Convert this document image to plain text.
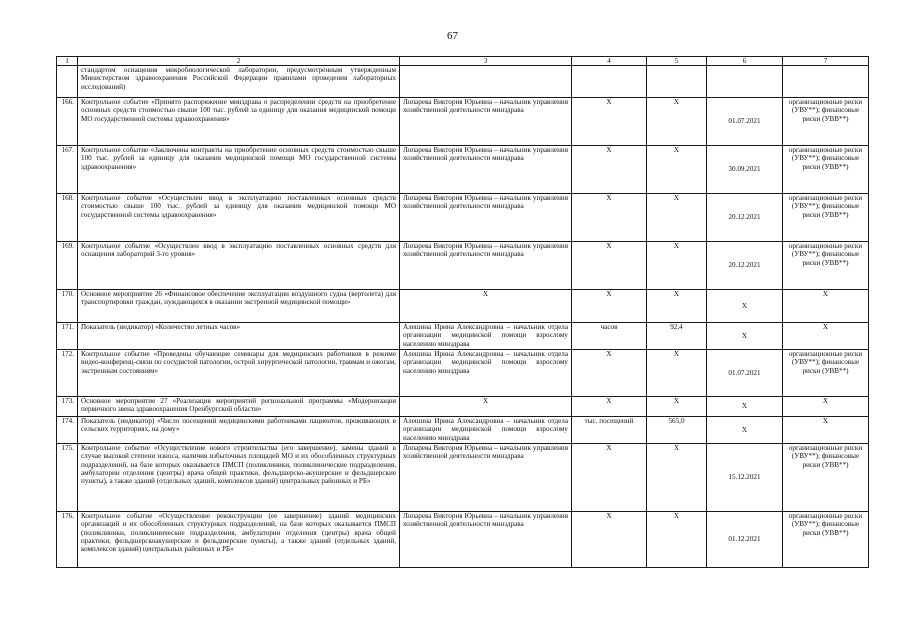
67
1	2	3	4	5	6	7
	стандартом оснащения микробиологической лаборатории, предусмотренным утвержденным Министерством здравоохранения Российской Федерации правилами проведения лабораторных исследований)					
166.	Контрольное событие «Принято распоряжение минздрава о распределении средств на приобретение основных средств стоимостью свыше 100 тыс. рублей за единицу для оказания медицинской помощи МО государственной системы здравоохранения»	Лопарева Виктория Юрьевна – начальник управления хозяйственной деятельности минздрава	Х	Х	01.07.2021	организационные риски (УВУ**); финансовые риски (УВВ**)
167.	Контрольное событие «Заключены контракты на приобретение основных средств стоимостью свыше 100 тыс. рублей за единицу для оказания медицинской помощи МО государственной системы здравоохранения»	Лопарева Виктория Юрьевна – начальник управления хозяйственной деятельности минздрава	Х	Х	30.09.2021	организационные риски (УВУ**); финансовые риски (УВВ**)
168.	Контрольное событие «Осуществлен ввод в эксплуатацию поставленных основных средств стоимостью свыше 100 тыс. рублей за единицу для оказания медицинской помощи МО государственной системы здравоохранения»	Лопарева Виктория Юрьевна – начальник управления хозяйственной деятельности минздрава	Х	Х	20.12.2021	организационные риски (УВУ**); финансовые риски (УВВ**)
169.	Контрольное событие «Осуществлен ввод в эксплуатацию поставленных основных средств для оснащения лабораторий 3-го уровня»	Лопарева Виктория Юрьевна – начальник управления хозяйственной деятельности минздрава	Х	Х	20.12.2021	организационные риски (УВУ**); финансовые риски (УВВ**)
170.	Основное мероприятие 26 «Финансовое обеспечение эксплуатации воздушного судна (вертолета) для транспортировки граждан, нуждающихся в оказании экстренной медицинской помощи»	Х	Х	Х	Х	Х
171.	Показатель (индикатор) «Количество летных часов»	Алешина Ирина Александровна – начальник отдела организации медицинской помощи взрослому населению минздрава	часов	92,4	Х	Х
172.	Контрольное событие «Проведены обучающие семинары для медицинских работников в режиме видео-конференц-связи по сосудистой патологии, острой хирургической патологии, травмам и ожогам, экстренным состояниям»	Алешина Ирина Александровна – начальник отдела организации медицинской помощи взрослому населению минздрава	Х	Х	01.07.2021	организационные риски (УВУ**); финансовые риски (УВВ**)
173.	Основное мероприятие 27 «Реализация мероприятий региональной программы «Модернизация первичного звена здравоохранения Оренбургской области»	Х	Х	Х	Х	Х
174.	Показатель (индикатор) «Число посещений медицинскими работниками пациентов, проживающих в сельских территориях, на дому»	Алешина Ирина Александровна – начальник отдела организации медицинской помощи взрослому населению минздрава	тыс. посещений	565,0	Х	Х
175.	Контрольное событие «Осуществление нового строительства (его завершение), замены зданий в случае высокой степени износа, наличия избыточных площадей МО и их обособленных структурных подразделений, на базе которых оказывается ПМСП (поликлиники, поликлинические подразделения, амбулатории отделения (центры) врача общей практики, фельдшерско-акушерские и фельдшерские пункты), а также зданий (отдельных зданий, комплексов зданий) центральных районных и РБ»	Лопарева Виктория Юрьевна – начальник управления хозяйственной деятельности минздрава	Х	Х	15.12.2021	организационные риски (УВУ**); финансовые риски (УВВ**)
176.	Контрольное событие «Осуществление реконструкции (ее завершение) зданий медицинских организаций и их обособленных структурных подразделений, на базе которых оказывается ПМСП (поликлиники, поликлинические подразделения, амбулатории отделения (центры) врача общей практики, фельдшерскоакушерские и фельдшерские пункты), а также зданий (отдельных зданий, комплексов зданий) центральных районных и РБ»	Лопарева Виктория Юрьевна – начальник управления хозяйственной деятельности минздрава	Х	Х	01.12.2021	организационные риски (УВУ**); финансовые риски (УВВ**)
